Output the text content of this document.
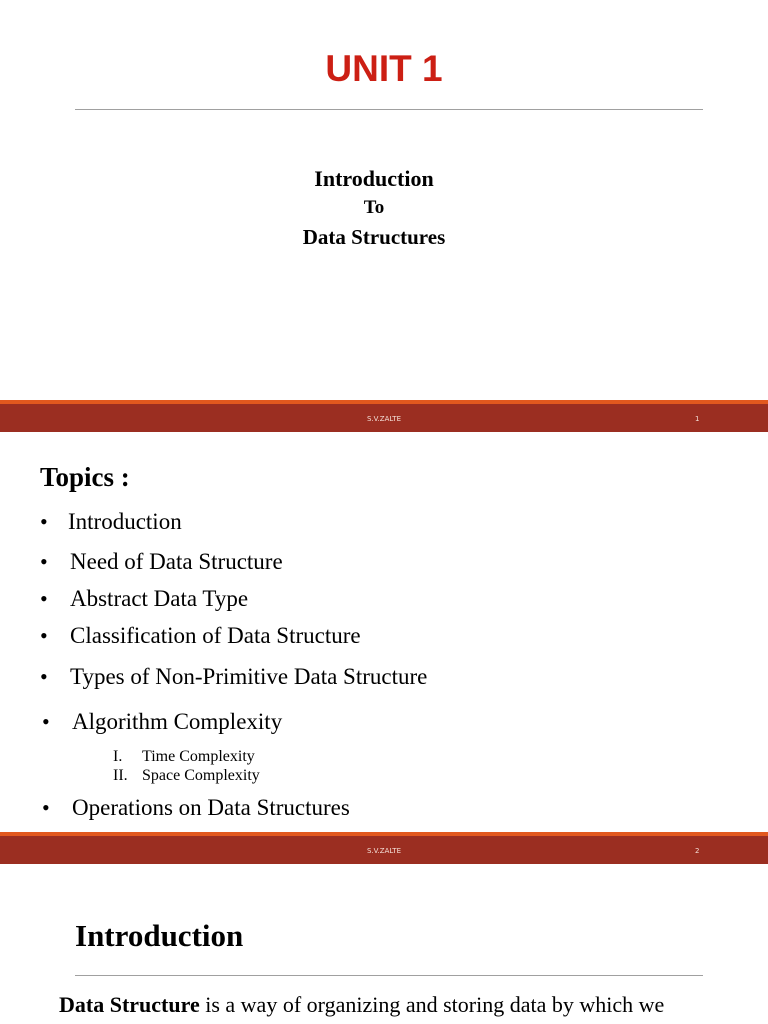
UNIT 1
Introduction
To
Data Structures
S.V.ZALTE	1
Topics :
• Introduction
• Need of Data Structure
• Abstract Data Type
• Classification of Data Structure
• Types of Non-Primitive Data Structure
• Algorithm Complexity
I. Time Complexity
II. Space Complexity
• Operations on Data Structures
S.V.ZALTE	2
Introduction
Data Structure is a way of organizing and storing data by which we
